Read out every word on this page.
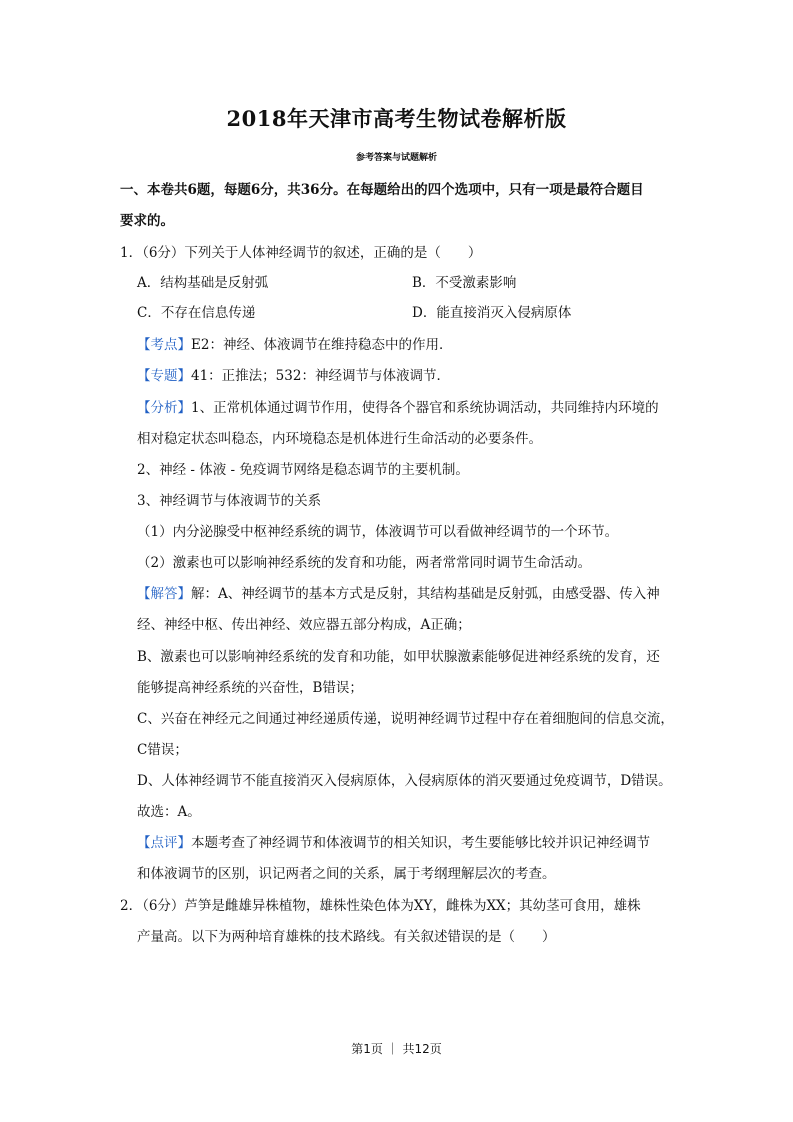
2018年天津市高考生物试卷解析版
参考答案与试题解析
一、本卷共6题，每题6分，共36分。在每题给出的四个选项中，只有一项是最符合题目
要求的。
1．（6分）下列关于人体神经调节的叙述，正确的是（　　）
A．结构基础是反射弧	B．不受激素影响
C．不存在信息传递	D．能直接消灭入侵病原体
【考点】E2：神经、体液调节在维持稳态中的作用．
【专题】41：正推法；532：神经调节与体液调节．
【分析】1、正常机体通过调节作用，使得各个器官和系统协调活动，共同维持内环境的
相对稳定状态叫稳态，内环境稳态是机体进行生命活动的必要条件。
2、神经 - 体液 - 免疫调节网络是稳态调节的主要机制。
3、神经调节与体液调节的关系
（1）内分泌腺受中枢神经系统的调节，体液调节可以看做神经调节的一个环节。
（2）激素也可以影响神经系统的发育和功能，两者常常同时调节生命活动。
【解答】解：A、神经调节的基本方式是反射，其结构基础是反射弧，由感受器、传入神
经、神经中枢、传出神经、效应器五部分构成，A正确；
B、激素也可以影响神经系统的发育和功能，如甲状腺激素能够促进神经系统的发育，还
能够提高神经系统的兴奋性，B错误；
C、兴奋在神经元之间通过神经递质传递，说明神经调节过程中存在着细胞间的信息交流，
C错误；
D、人体神经调节不能直接消灭入侵病原体，入侵病原体的消灭要通过免疫调节，D错误。
故选：A。
【点评】本题考查了神经调节和体液调节的相关知识，考生要能够比较并识记神经调节
和体液调节的区别，识记两者之间的关系，属于考纲理解层次的考查。
2．（6分）芦笋是雌雄异株植物，雄株性染色体为XY，雌株为XX；其幼茎可食用，雄株
产量高。以下为两种培育雄株的技术路线。有关叙述错误的是（　　）
第1页 ｜ 共12页
